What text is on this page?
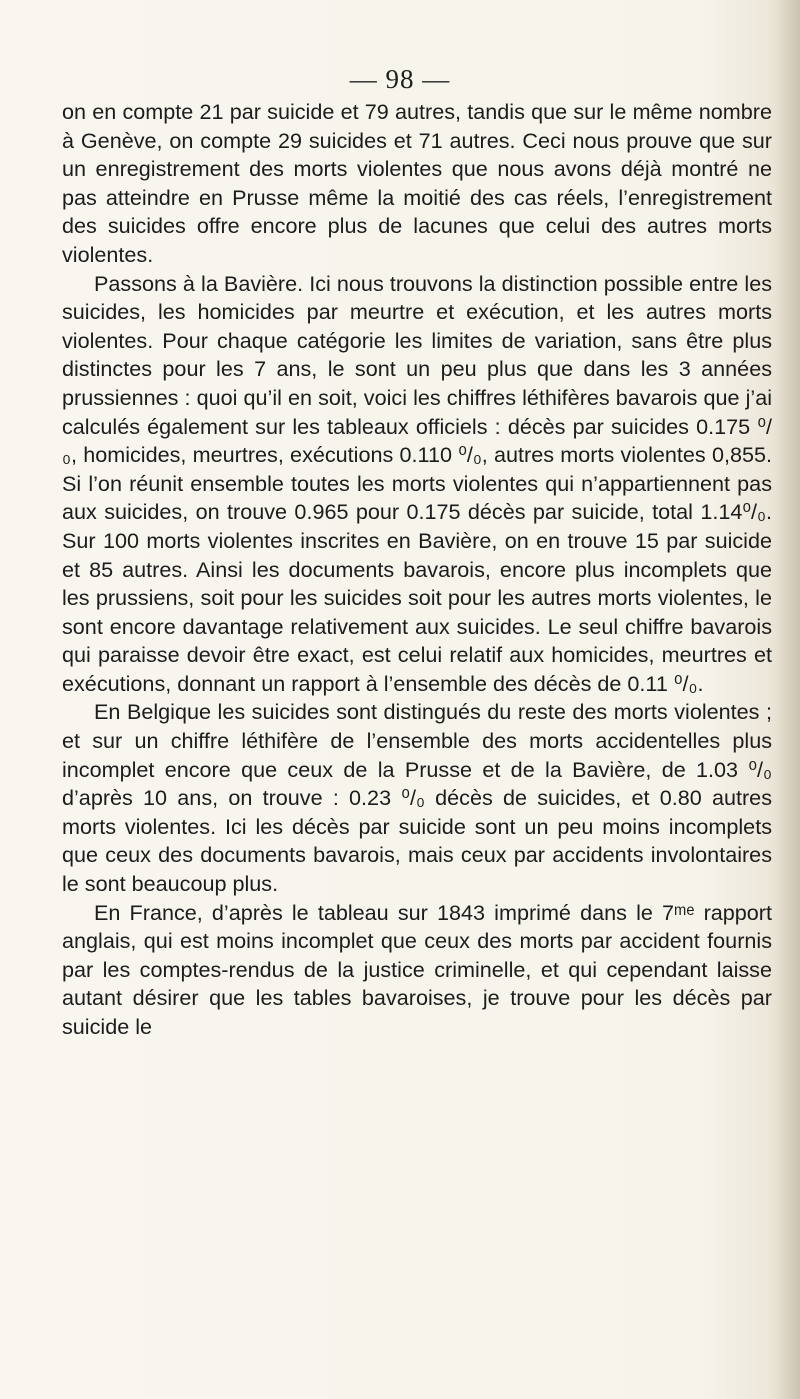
— 98 —

on en compte 21 par suicide et 79 autres, tandis que sur le même nombre à Genève, on compte 29 suicides et 71 autres. Ceci nous prouve que sur un enregistrement des morts violentes que nous avons déjà montré ne pas atteindre en Prusse même la moitié des cas réels, l’enregistrement des suicides offre encore plus de lacunes que celui des autres morts violentes.

Passons à la Bavière. Ici nous trouvons la distinction possible entre les suicides, les homicides par meurtre et exécution, et les autres morts violentes. Pour chaque catégorie les limites de variation, sans être plus distinctes pour les 7 ans, le sont un peu plus que dans les 3 années prussiennes : quoi qu’il en soit, voici les chiffres léthifères bavarois que j’ai calculés également sur les tableaux officiels : décès par suicides 0.175 ⁰/₀, homicides, meurtres, exécutions 0.110 ⁰/₀, autres morts violentes 0,855. Si l’on réunit ensemble toutes les morts violentes qui n’appartiennent pas aux suicides, on trouve 0.965 pour 0.175 décès par suicide, total 1.14⁰/₀. Sur 100 morts violentes inscrites en Bavière, on en trouve 15 par suicide et 85 autres. Ainsi les documents bavarois, encore plus incomplets que les prussiens, soit pour les suicides soit pour les autres morts violentes, le sont encore davantage relativement aux suicides. Le seul chiffre bavarois qui paraisse devoir être exact, est celui relatif aux homicides, meurtres et exécutions, donnant un rapport à l’ensemble des décès de 0.11 ⁰/₀.

En Belgique les suicides sont distingués du reste des morts violentes ; et sur un chiffre léthifère de l’ensemble des morts accidentelles plus incomplet encore que ceux de la Prusse et de la Bavière, de 1.03 ⁰/₀ d’après 10 ans, on trouve : 0.23 ⁰/₀ décès de suicides, et 0.80 autres morts violentes. Ici les décès par suicide sont un peu moins incomplets que ceux des documents bavarois, mais ceux par accidents involontaires le sont beaucoup plus.

En France, d’après le tableau sur 1843 imprimé dans le 7ᵐᵉ rapport anglais, qui est moins incomplet que ceux des morts par accident fournis par les comptes-rendus de la justice criminelle, et qui cependant laisse autant désirer que les tables bavaroises, je trouve pour les décès par suicide le
